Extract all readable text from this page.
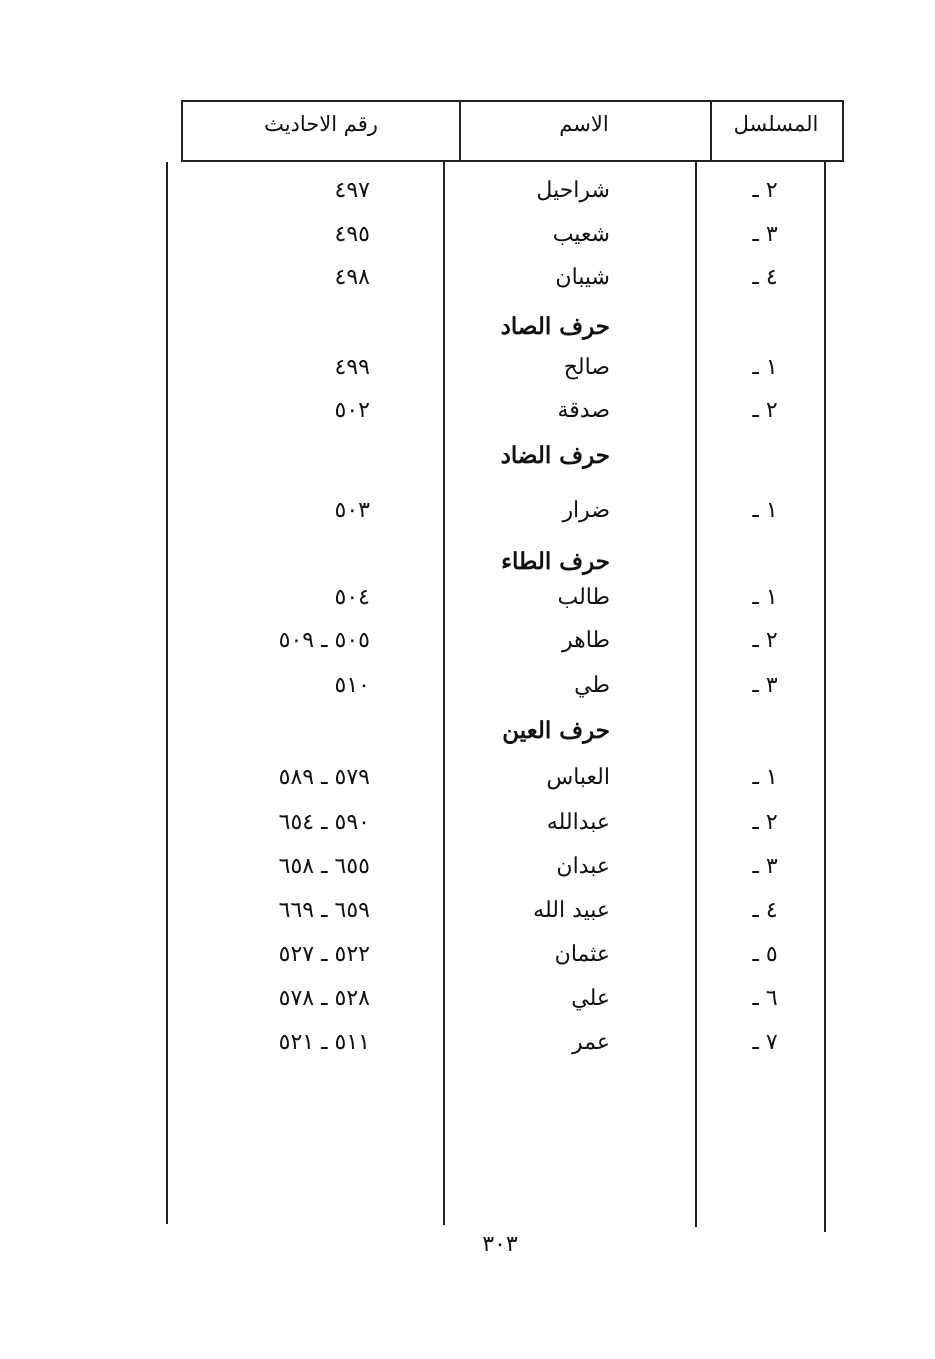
المسلسل
الاسم
رقم الاحاديث
٢ ـ
شراحيل
٤٩٧
٣ ـ
شعيب
٤٩٥
٤ ـ
شيبان
٤٩٨
حرف الصاد
١ ـ
صالح
٤٩٩
٢ ـ
صدقة
٥٠٢
حرف الضاد
١ ـ
ضرار
٥٠٣
حرف الطاء
١ ـ
طالب
٥٠٤
٢ ـ
طاهر
٥٠٥ ـ ٥٠٩
٣ ـ
طي
٥١٠
حرف العين
١ ـ
العباس
٥٧٩ ـ ٥٨٩
٢ ـ
عبدالله
٥٩٠ ـ ٦٥٤
٣ ـ
عبدان
٦٥٥ ـ ٦٥٨
٤ ـ
عبيد الله
٦٥٩ ـ ٦٦٩
٥ ـ
عثمان
٥٢٢ ـ ٥٢٧
٦ ـ
علي
٥٢٨ ـ ٥٧٨
٧ ـ
عمر
٥١١ ـ ٥٢١
٣٠٣
